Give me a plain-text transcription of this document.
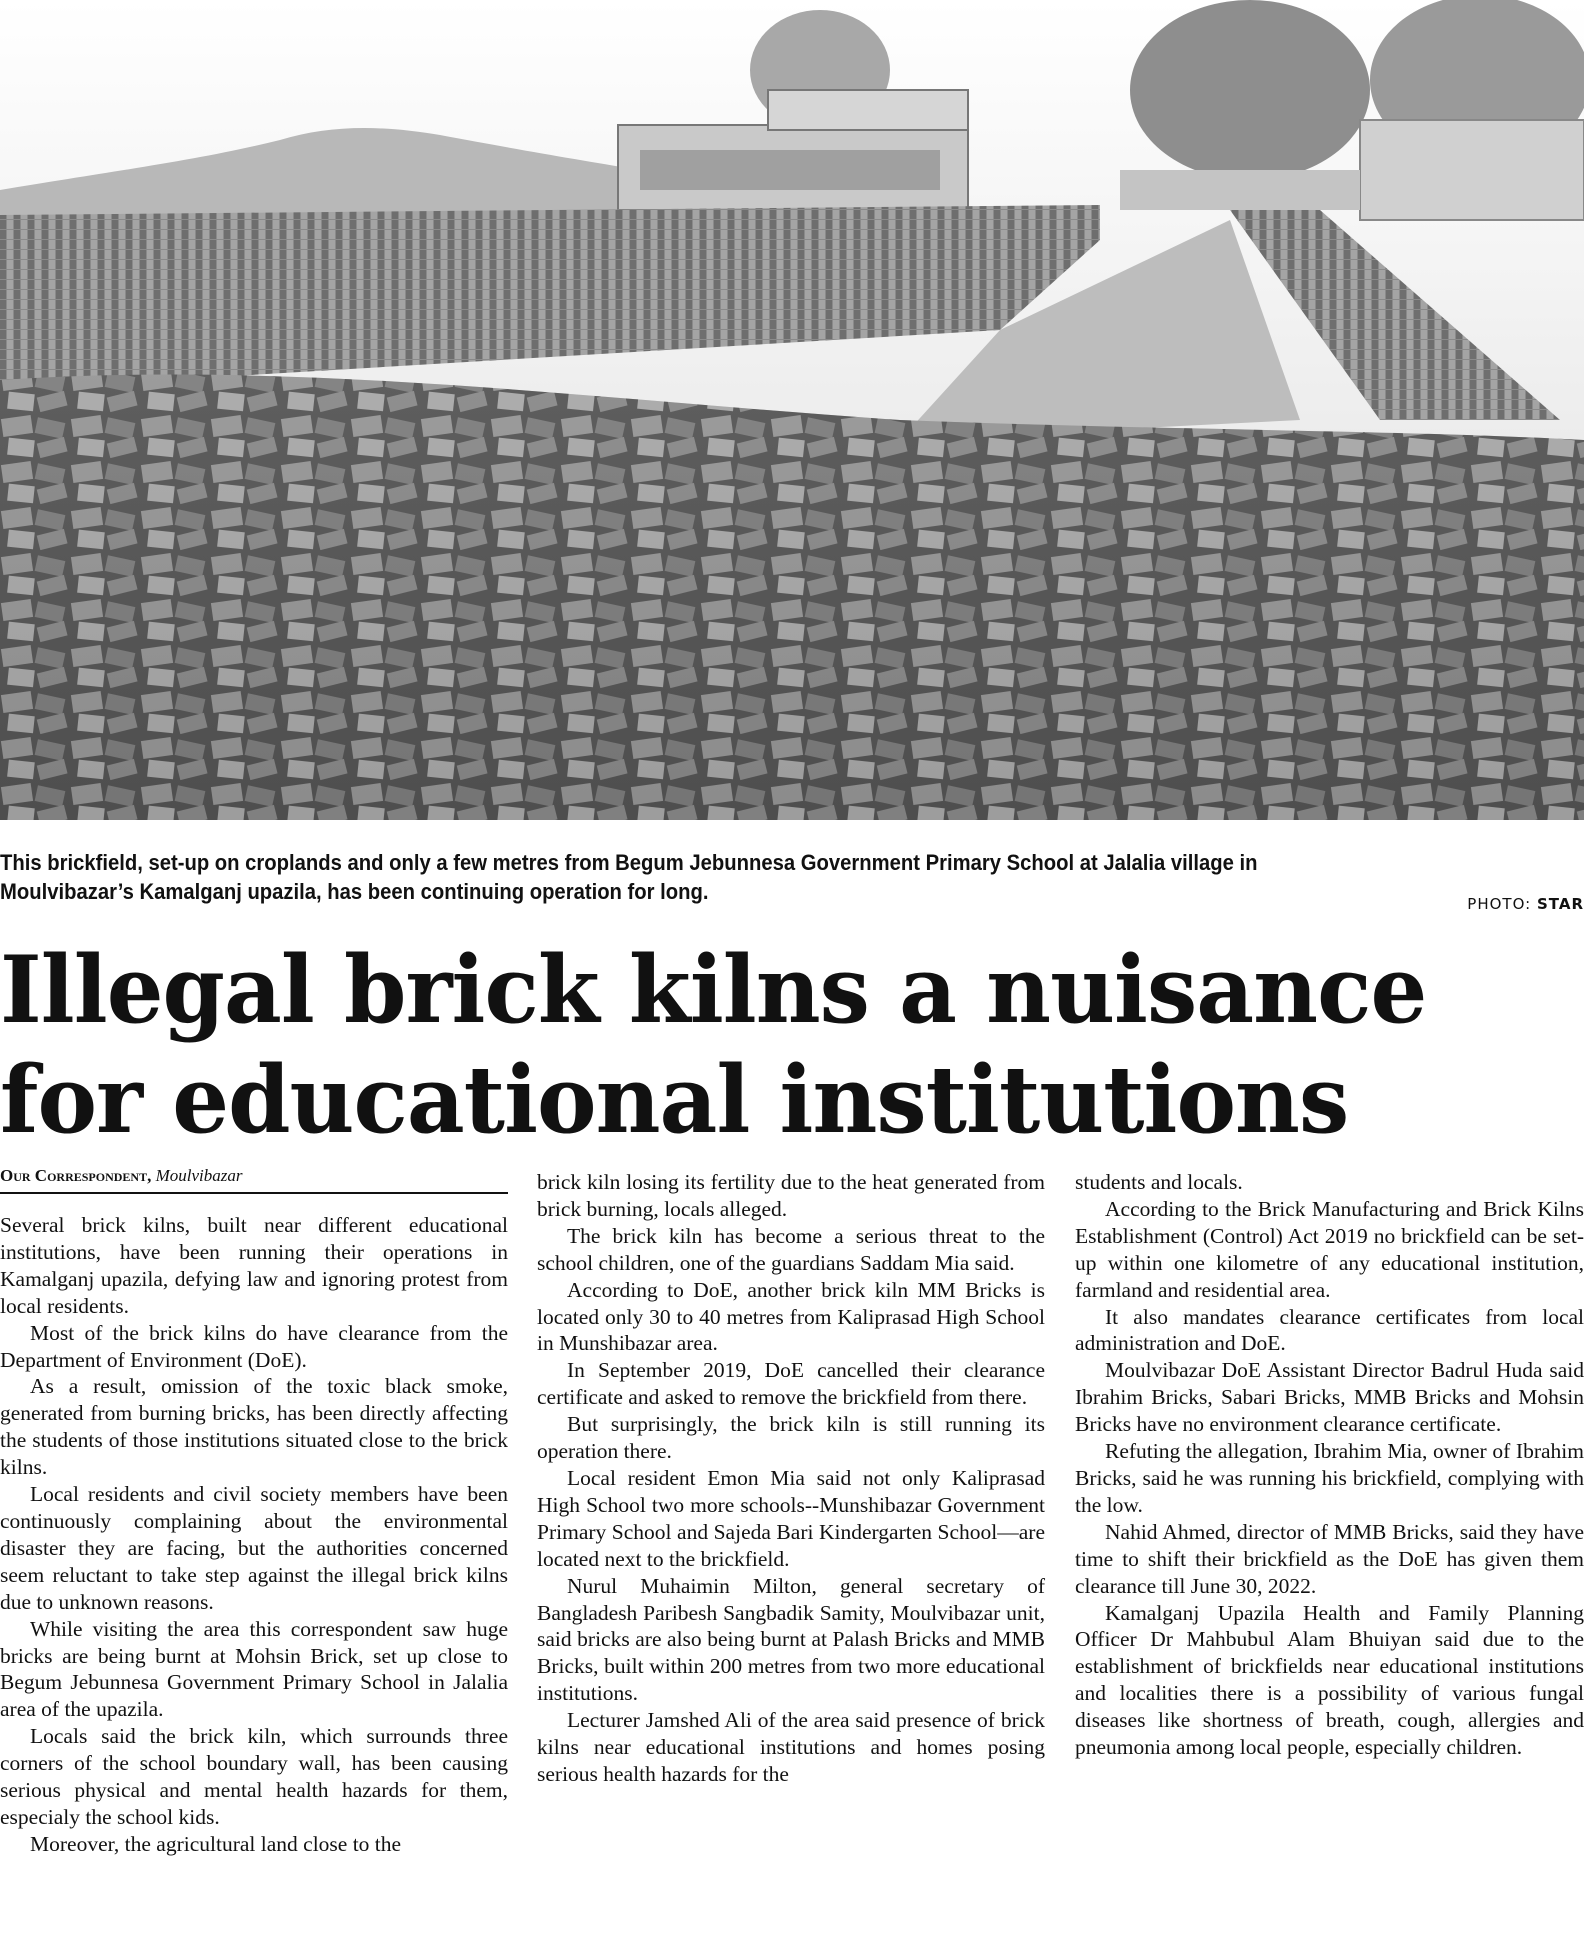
This brickfield, set-up on croplands and only a few metres from Begum Jebunnesa Government Primary School at Jalalia village in Moulvibazar’s Kamalganj upazila, has been continuing operation for long.	PHOTO: STAR
Illegal brick kilns a nuisance
for educational institutions
Our Correspondent, Moulvibazar

Several brick kilns, built near different educational institutions, have been running their operations in Kamalganj upazila, defying law and ignoring protest from local residents.

Most of the brick kilns do have clearance from the Department of Environment (DoE).

As a result, omission of the toxic black smoke, generated from burning bricks, has been directly affecting the students of those institutions situated close to the brick kilns.

Local residents and civil society members have been continuously complaining about the environmental disaster they are facing, but the authorities concerned seem reluctant to take step against the illegal brick kilns due to unknown reasons.

While visiting the area this correspondent saw huge bricks are being burnt at Mohsin Brick, set up close to Begum Jebunnesa Government Primary School in Jalalia area of the upazila.

Locals said the brick kiln, which surrounds three corners of the school boundary wall, has been causing serious physical and mental health hazards for them, especialy the school kids.

Moreover, the agricultural land close to the

brick kiln losing its fertility due to the heat generated from brick burning, locals alleged.

The brick kiln has become a serious threat to the school children, one of the guardians Saddam Mia said.

According to DoE, another brick kiln MM Bricks is located only 30 to 40 metres from Kaliprasad High School in Munshibazar area.

In September 2019, DoE cancelled their clearance certificate and asked to remove the brickfield from there.

But surprisingly, the brick kiln is still running its operation there.

Local resident Emon Mia said not only Kaliprasad High School two more schools--Munshibazar Government Primary School and Sajeda Bari Kindergarten School—are located next to the brickfield.

Nurul Muhaimin Milton, general secretary of Bangladesh Paribesh Sangbadik Samity, Moulvibazar unit, said bricks are also being burnt at Palash Bricks and MMB Bricks, built within 200 metres from two more educational institutions.

Lecturer Jamshed Ali of the area said presence of brick kilns near educational institutions and homes posing serious health hazards for the

students and locals.

According to the Brick Manufacturing and Brick Kilns Establishment (Control) Act 2019 no brickfield can be set-up within one kilometre of any educational institution, farmland and residential area.

It also mandates clearance certificates from local administration and DoE.

Moulvibazar DoE Assistant Director Badrul Huda said Ibrahim Bricks, Sabari Bricks, MMB Bricks and Mohsin Bricks have no environment clearance certificate.

Refuting the allegation, Ibrahim Mia, owner of Ibrahim Bricks, said he was running his brickfield, complying with the low.

Nahid Ahmed, director of MMB Bricks, said they have time to shift their brickfield as the DoE has given them clearance till June 30, 2022.

Kamalganj Upazila Health and Family Planning Officer Dr Mahbubul Alam Bhuiyan said due to the establishment of brickfields near educational institutions and localities there is a possibility of various fungal diseases like shortness of breath, cough, allergies and pneumonia among local people, especially children.
